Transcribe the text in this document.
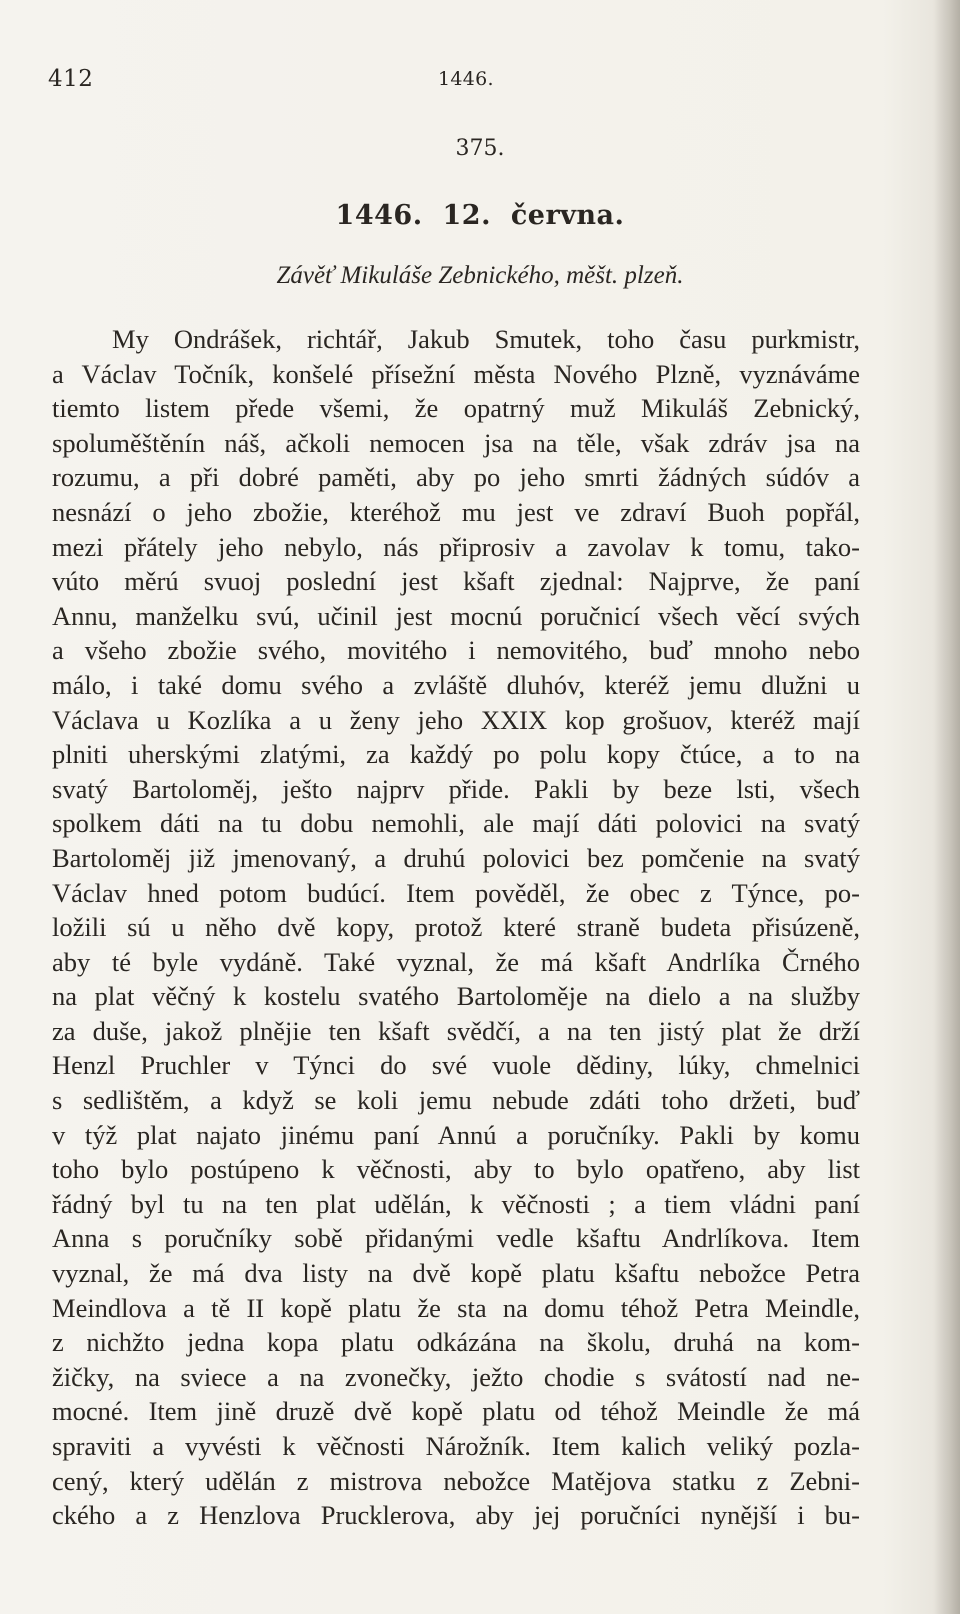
412	1446.
375.
1446. 12. června.
Závěť Mikuláše Zebnického, měšt. plzeň.
My Ondrášek, richtář, Jakub Smutek, toho času purkmistr,
a Václav Točník, konšelé přísežní města Nového Plzně, vyznáváme
tiemto listem přede všemi, že opatrný muž Mikuláš Zebnický,
spoluměštěnín náš, ačkoli nemocen jsa na těle, však zdráv jsa na
rozumu, a při dobré paměti, aby po jeho smrti žádných súdóv a
nesnází o jeho zbožie, kteréhož mu jest ve zdraví Buoh popřál,
mezi přátely jeho nebylo, nás připrosiv a zavolav k tomu, tako-
vúto měrú svuoj poslední jest kšaft zjednal: Najprve, že paní
Annu, manželku svú, učinil jest mocnú poručnicí všech věcí svých
a všeho zbožie svého, movitého i nemovitého, buď mnoho nebo
málo, i také domu svého a zvláště dluhóv, kteréž jemu dlužni u
Václava u Kozlíka a u ženy jeho XXIX kop grošuov, kteréž mají
plniti uherskými zlatými, za každý po polu kopy čtúce, a to na
svatý Bartoloměj, ješto najprv přide. Pakli by beze lsti, všech
spolkem dáti na tu dobu nemohli, ale mají dáti polovici na svatý
Bartoloměj již jmenovaný, a druhú polovici bez pomčenie na svatý
Václav hned potom budúcí. Item pověděl, že obec z Týnce, po-
ložili sú u něho dvě kopy, protož které straně budeta přisúzeně,
aby té byle vydáně. Také vyznal, že má kšaft Andrlíka Črného
na plat věčný k kostelu svatého Bartoloměje na dielo a na služby
za duše, jakož plnějie ten kšaft svědčí, a na ten jistý plat že drží
Henzl Pruchler v Týnci do své vuole dědiny, lúky, chmelnici
s sedlištěm, a když se koli jemu nebude zdáti toho držeti, buď
v týž plat najato jinému paní Annú a poručníky. Pakli by komu
toho bylo postúpeno k věčnosti, aby to bylo opatřeno, aby list
řádný byl tu na ten plat udělán, k věčnosti ; a tiem vládni paní
Anna s poručníky sobě přidanými vedle kšaftu Andrlíkova. Item
vyznal, že má dva listy na dvě kopě platu kšaftu nebožce Petra
Meindlova a tě II kopě platu že sta na domu téhož Petra Meindle,
z nichžto jedna kopa platu odkázána na školu, druhá na kom-
žičky, na sviece a na zvonečky, ježto chodie s svátostí nad ne-
mocné. Item jině druzě dvě kopě platu od téhož Meindle že má
spraviti a vyvésti k věčnosti Nárožník. Item kalich veliký pozla-
cený, který udělán z mistrova nebožce Matějova statku z Zebni-
ckého a z Henzlova Prucklerova, aby jej poručníci nynější i bu-
